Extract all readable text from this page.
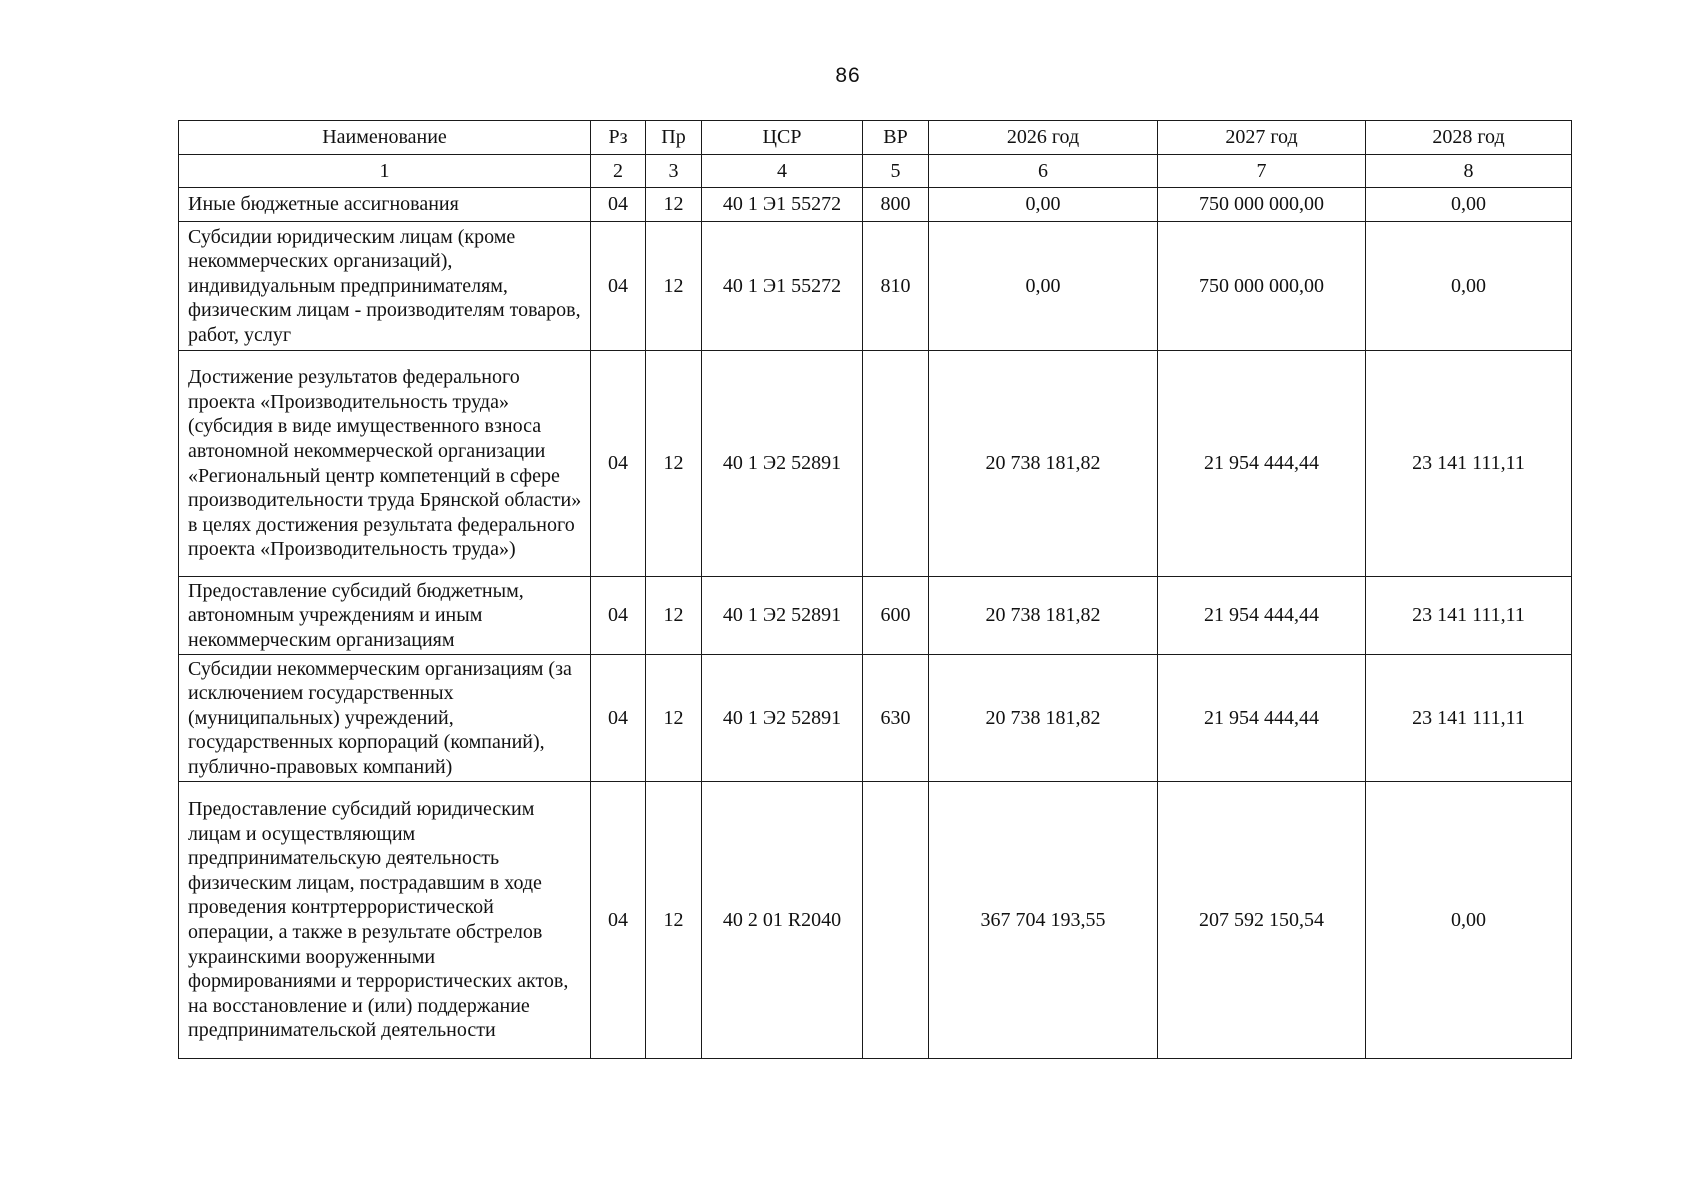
86
Наименование	Рз	Пр	ЦСР	ВР	2026 год	2027 год	2028 год
1	2	3	4	5	6	7	8
Иные бюджетные ассигнования	04	12	40 1 Э1 55272	800	0,00	750 000 000,00	0,00
Субсидии юридическим лицам (кроме некоммерческих организаций), индивидуальным предпринимателям, физическим лицам - производителям товаров, работ, услуг	04	12	40 1 Э1 55272	810	0,00	750 000 000,00	0,00
Достижение результатов федерального проекта «Производительность труда» (субсидия в виде имущественного взноса автономной некоммерческой организации «Региональный центр компетенций в сфере производительности труда Брянской области» в целях достижения результата федерального проекта «Производительность труда»)	04	12	40 1 Э2 52891		20 738 181,82	21 954 444,44	23 141 111,11
Предоставление субсидий бюджетным, автономным учреждениям и иным некоммерческим организациям	04	12	40 1 Э2 52891	600	20 738 181,82	21 954 444,44	23 141 111,11
Субсидии некоммерческим организациям (за исключением государственных (муниципальных) учреждений, государственных корпораций (компаний), публично-правовых компаний)	04	12	40 1 Э2 52891	630	20 738 181,82	21 954 444,44	23 141 111,11
Предоставление субсидий юридическим лицам и осуществляющим предпринимательскую деятельность физическим лицам, пострадавшим в ходе проведения контртеррористической операции, а также в результате обстрелов украинскими вооруженными формированиями и террористических актов, на восстановление и (или) поддержание предпринимательской деятельности	04	12	40 2 01 R2040		367 704 193,55	207 592 150,54	0,00
